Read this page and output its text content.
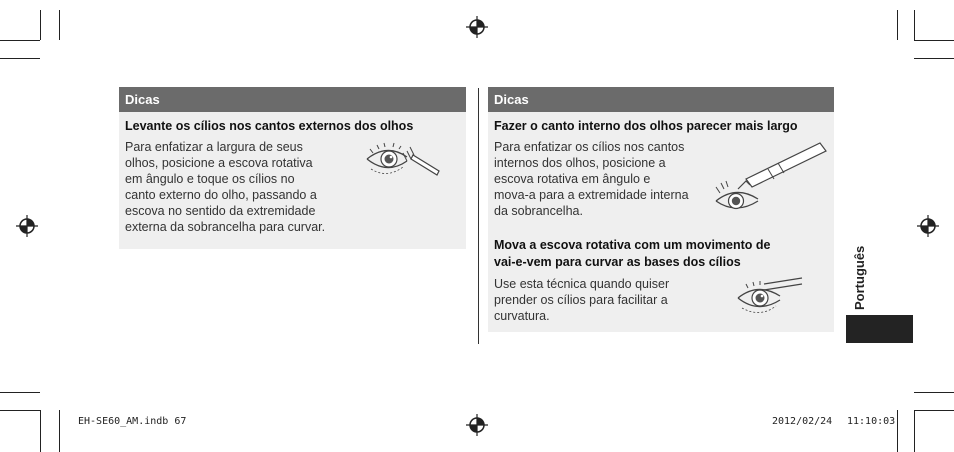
Dicas
Levante os cílios nos cantos externos dos olhos
Para enfatizar a largura de seus
olhos, posicione a escova rotativa
em ângulo e toque os cílios no
canto externo do olho, passando a
escova no sentido da extremidade
externa da sobrancelha para curvar.
Dicas
Fazer o canto interno dos olhos parecer mais largo
Para enfatizar os cílios nos cantos
internos dos olhos, posicione a
escova rotativa em ângulo e
mova-a para a extremidade interna
da sobrancelha.
Mova a escova rotativa com um movimento de
vai-e-vem para curvar as bases dos cílios
Use esta técnica quando quiser
prender os cílios para facilitar a
curvatura.
Português
EH-SE60_AM.indb 67	2012/02/24 11:10:03
